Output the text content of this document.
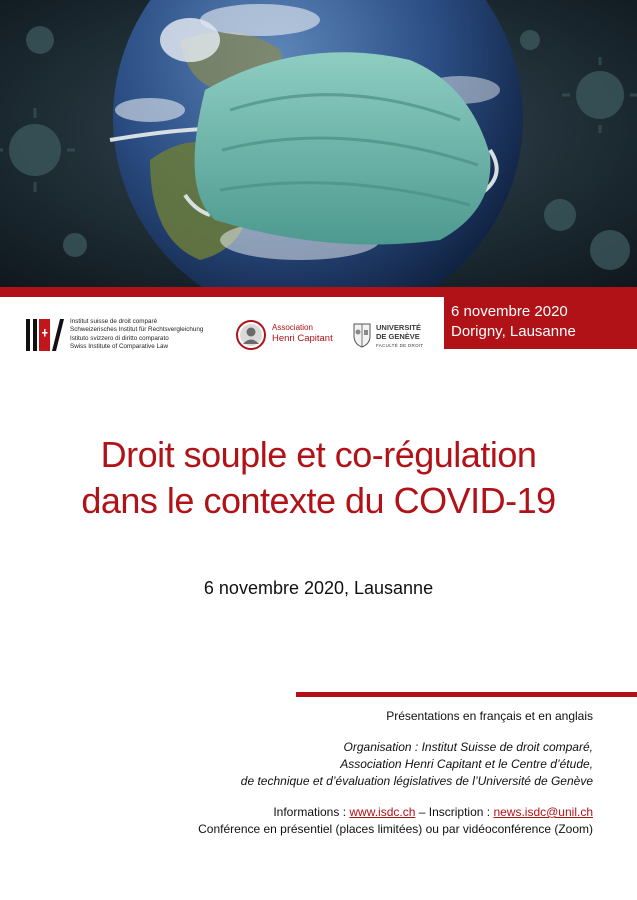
Institut suisse de droit comparé
Schweizerisches Institut für Rechtsvergleichung
Istituto svizzero di diritto comparato
Swiss Institute of Comparative Law
Association
Henri Capitant
UNIVERSITÉ
DE GENÈVE
FACULTÉ DE DROIT
6 novembre 2020
Dorigny, Lausanne
Droit souple et co-régulation
dans le contexte du COVID-19
6 novembre 2020, Lausanne
Présentations en français et en anglais
Organisation : Institut Suisse de droit comparé,
Association Henri Capitant et le Centre d’étude,
de technique et d’évaluation législatives de l’Université de Genève
Informations : www.isdc.ch – Inscription : news.isdc@unil.ch
Conférence en présentiel (places limitées) ou par vidéoconférence (Zoom)
